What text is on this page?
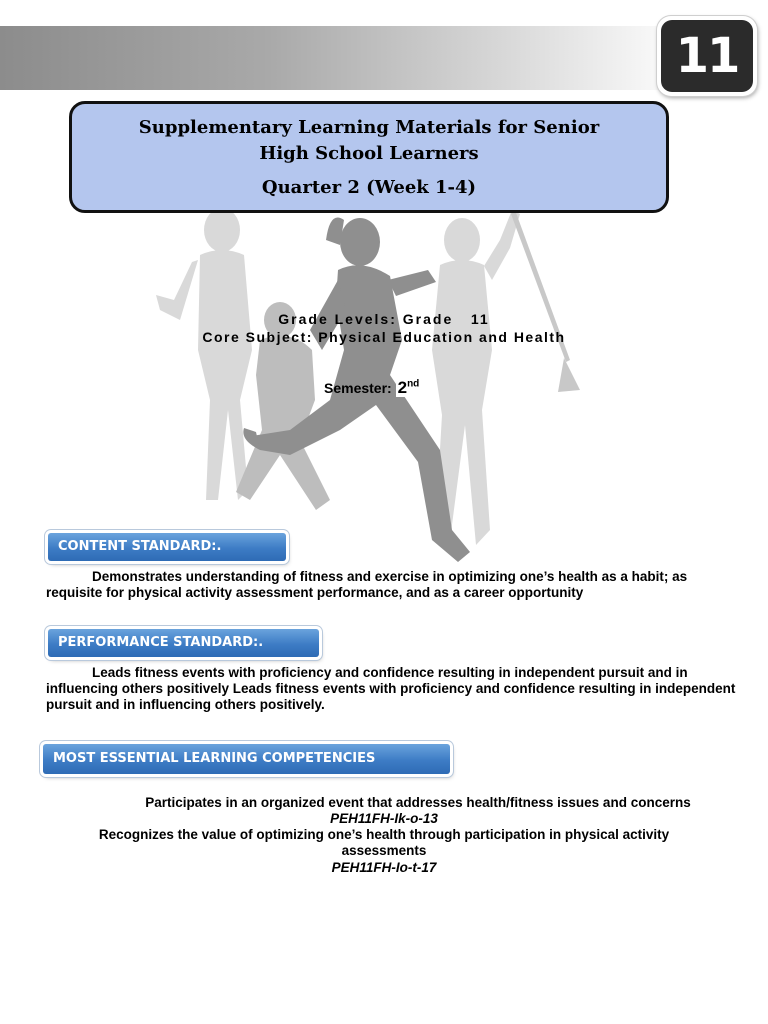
11
Supplementary Learning Materials for Senior
High School Learners
Quarter 2 (Week 1-4)
Grade Levels: Grade   11
Core Subject: Physical Education and Health
Semester: 2nd
CONTENT STANDARD:.
Demonstrates understanding of fitness and exercise in optimizing one’s health as a habit; as requisite for physical activity assessment performance, and as a career opportunity
PERFORMANCE STANDARD:.
Leads fitness events with proficiency and confidence resulting in independent pursuit and in influencing others positively Leads fitness events with proficiency and confidence resulting in independent pursuit and in influencing others positively.
MOST ESSENTIAL LEARNING COMPETENCIES
Participates in an organized event that addresses health/fitness issues and concerns
PEH11FH-Ik-o-13
Recognizes the value of optimizing one’s health through participation in physical activity
assessments
PEH11FH-Io-t-17
